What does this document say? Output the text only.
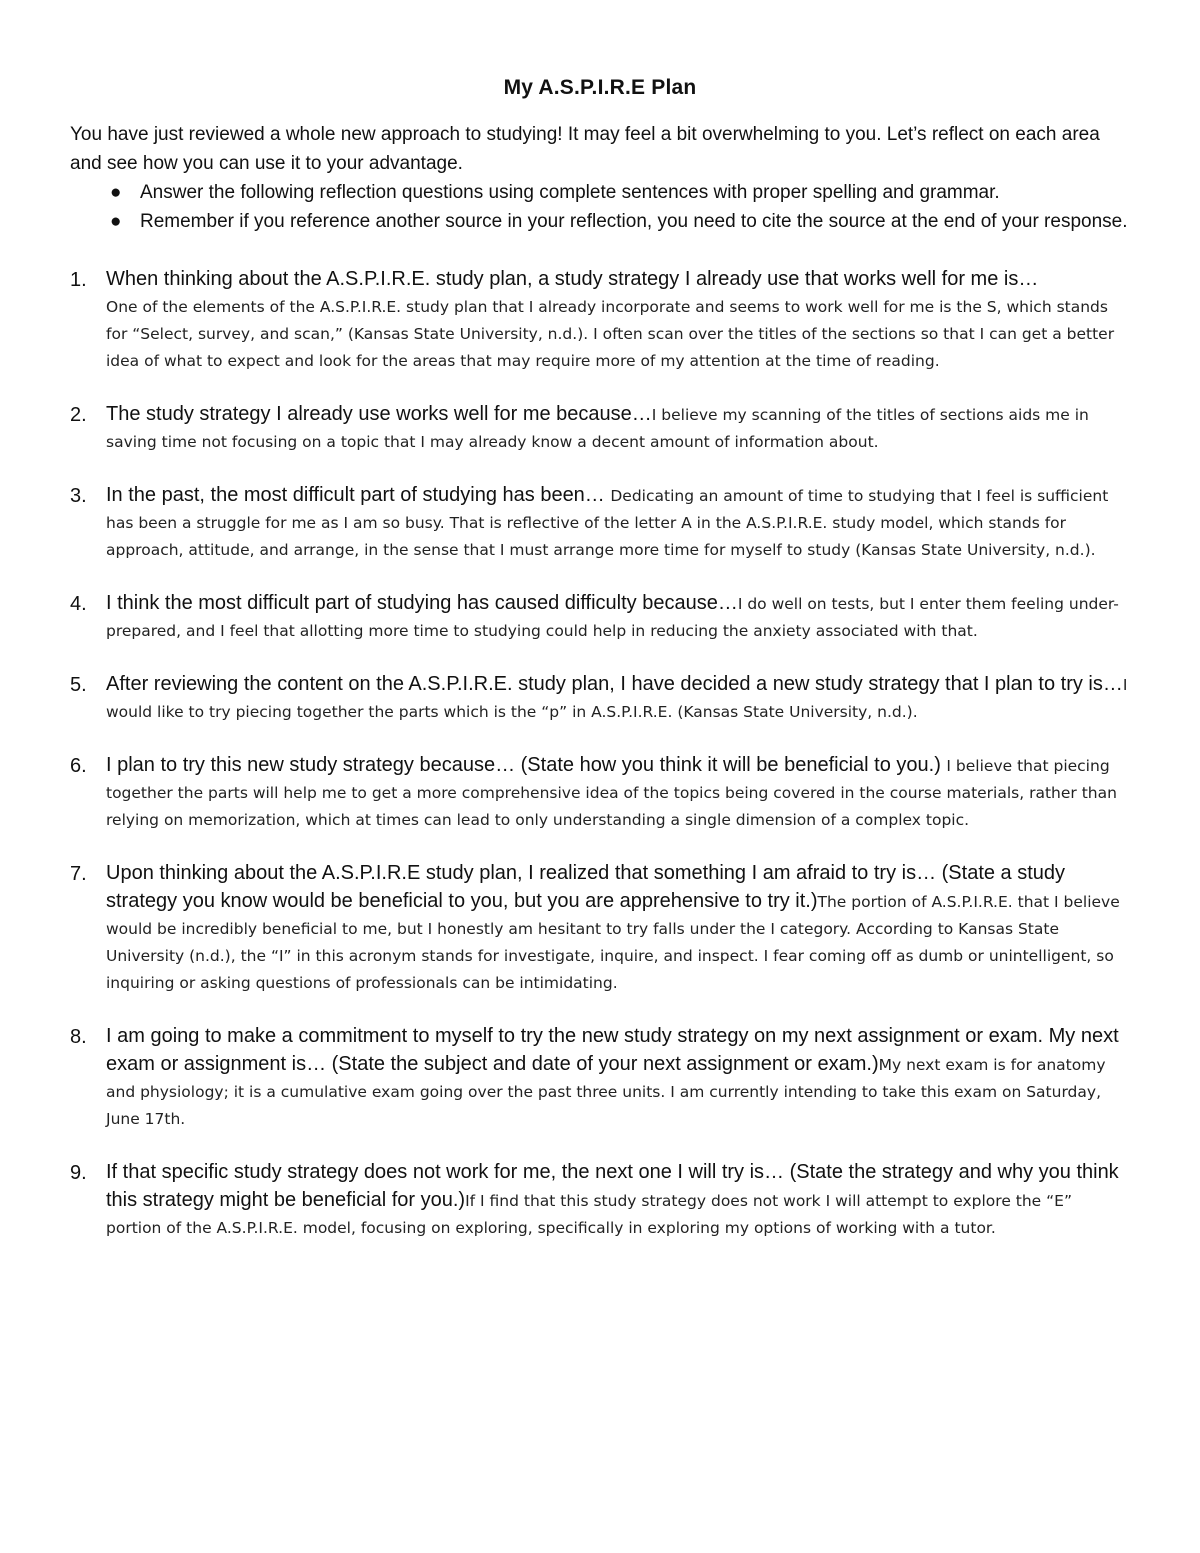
My A.S.P.I.R.E Plan

You have just reviewed a whole new approach to studying! It may feel a bit overwhelming to you. Let’s reflect on each area and see how you can use it to your advantage.

● Answer the following reflection questions using complete sentences with proper spelling and grammar.
● Remember if you reference another source in your reflection, you need to cite the source at the end of your response.
1. When thinking about the A.S.P.I.R.E. study plan, a study strategy I already use that works well for me is…
One of the elements of the A.S.P.I.R.E. study plan that I already incorporate and seems to work well for me is the S, which stands for “Select, survey, and scan,” (Kansas State University, n.d.). I often scan over the titles of the sections so that I can get a better idea of what to expect and look for the areas that may require more of my attention at the time of reading.
2. The study strategy I already use works well for me because…I believe my scanning of the titles of sections aids me in saving time not focusing on a topic that I may already know a decent amount of information about.
3. In the past, the most difficult part of studying has been… Dedicating an amount of time to studying that I feel is sufficient has been a struggle for me as I am so busy. That is reflective of the letter A in the A.S.P.I.R.E. study model, which stands for approach, attitude, and arrange, in the sense that I must arrange more time for myself to study (Kansas State University, n.d.).
4. I think the most difficult part of studying has caused difficulty because…I do well on tests, but I enter them feeling under-prepared, and I feel that allotting more time to studying could help in reducing the anxiety associated with that.
5. After reviewing the content on the A.S.P.I.R.E. study plan, I have decided a new study strategy that I plan to try is…I would like to try piecing together the parts which is the “p” in A.S.P.I.R.E. (Kansas State University, n.d.).
6. I plan to try this new study strategy because… (State how you think it will be beneficial to you.) I believe that piecing together the parts will help me to get a more comprehensive idea of the topics being covered in the course materials, rather than relying on memorization, which at times can lead to only understanding a single dimension of a complex topic.
7. Upon thinking about the A.S.P.I.R.E study plan, I realized that something I am afraid to try is… (State a study strategy you know would be beneficial to you, but you are apprehensive to try it.)The portion of A.S.P.I.R.E. that I believe would be incredibly beneficial to me, but I honestly am hesitant to try falls under the I category. According to Kansas State University (n.d.), the “I” in this acronym stands for investigate, inquire, and inspect. I fear coming off as dumb or unintelligent, so inquiring or asking questions of professionals can be intimidating.
8. I am going to make a commitment to myself to try the new study strategy on my next assignment or exam. My next exam or assignment is… (State the subject and date of your next assignment or exam.)My next exam is for anatomy and physiology; it is a cumulative exam going over the past three units. I am currently intending to take this exam on Saturday, June 17th.
9. If that specific study strategy does not work for me, the next one I will try is… (State the strategy and why you think this strategy might be beneficial for you.)If I find that this study strategy does not work I will attempt to explore the “E” portion of the A.S.P.I.R.E. model, focusing on exploring, specifically in exploring my options of working with a tutor.
